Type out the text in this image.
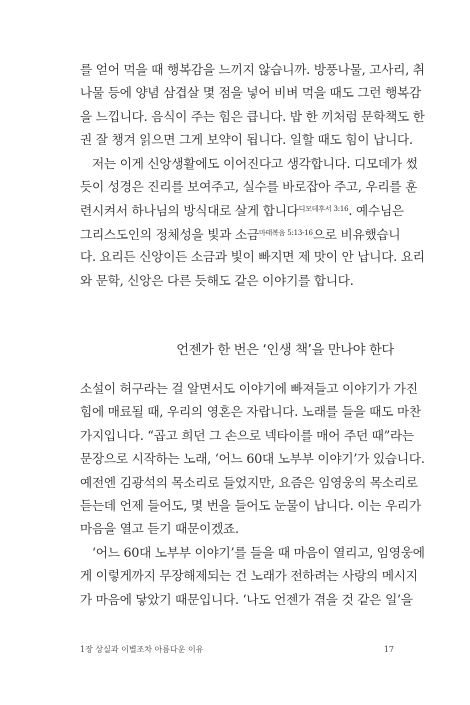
를 얻어 먹을 때 행복감을 느끼지 않습니까. 방풍나물, 고사리, 취
나물 등에 양념 삼겹살 몇 점을 넣어 비벼 먹을 때도 그런 행복감
을 느낍니다. 음식이 주는 힘은 큽니다. 밥 한 끼처럼 문학책도 한
권 잘 챙겨 읽으면 그게 보약이 됩니다. 일할 때도 힘이 납니다.
저는 이게 신앙생활에도 이어진다고 생각합니다. 디모데가 썼
듯이 성경은 진리를 보여주고, 실수를 바로잡아 주고, 우리를 훈
련시켜서 하나님의 방식대로 살게 합니다$^{디모데후서 3:16}$. 예수님은
그리스도인의 정체성을 빛과 소금$^{마태복음 5:13-16}$으로 비유했습니
다. 요리든 신앙이든 소금과 빛이 빠지면 제 맛이 안 납니다. 요리
와 문학, 신앙은 다른 듯해도 같은 이야기를 합니다.
언젠가 한 번은 ‘인생 책’을 만나야 한다
소설이 허구라는 걸 알면서도 이야기에 빠져들고 이야기가 가진
힘에 매료될 때, 우리의 영혼은 자랍니다. 노래를 들을 때도 마찬
가지입니다. “곱고 희던 그 손으로 넥타이를 매어 주던 때”라는
문장으로 시작하는 노래, ‘어느 60대 노부부 이야기’가 있습니다.
예전엔 김광석의 목소리로 들었지만, 요즘은 임영웅의 목소리로
듣는데 언제 들어도, 몇 번을 들어도 눈물이 납니다. 이는 우리가
마음을 열고 듣기 때문이겠죠.
‘어느 60대 노부부 이야기’를 들을 때 마음이 열리고, 임영웅에
게 이렇게까지 무장해제되는 건 노래가 전하려는 사랑의 메시지
가 마음에 닿았기 때문입니다. ‘나도 언젠가 겪을 것 같은 일’을
1장 상실과 이별조차 아름다운 이유	17
